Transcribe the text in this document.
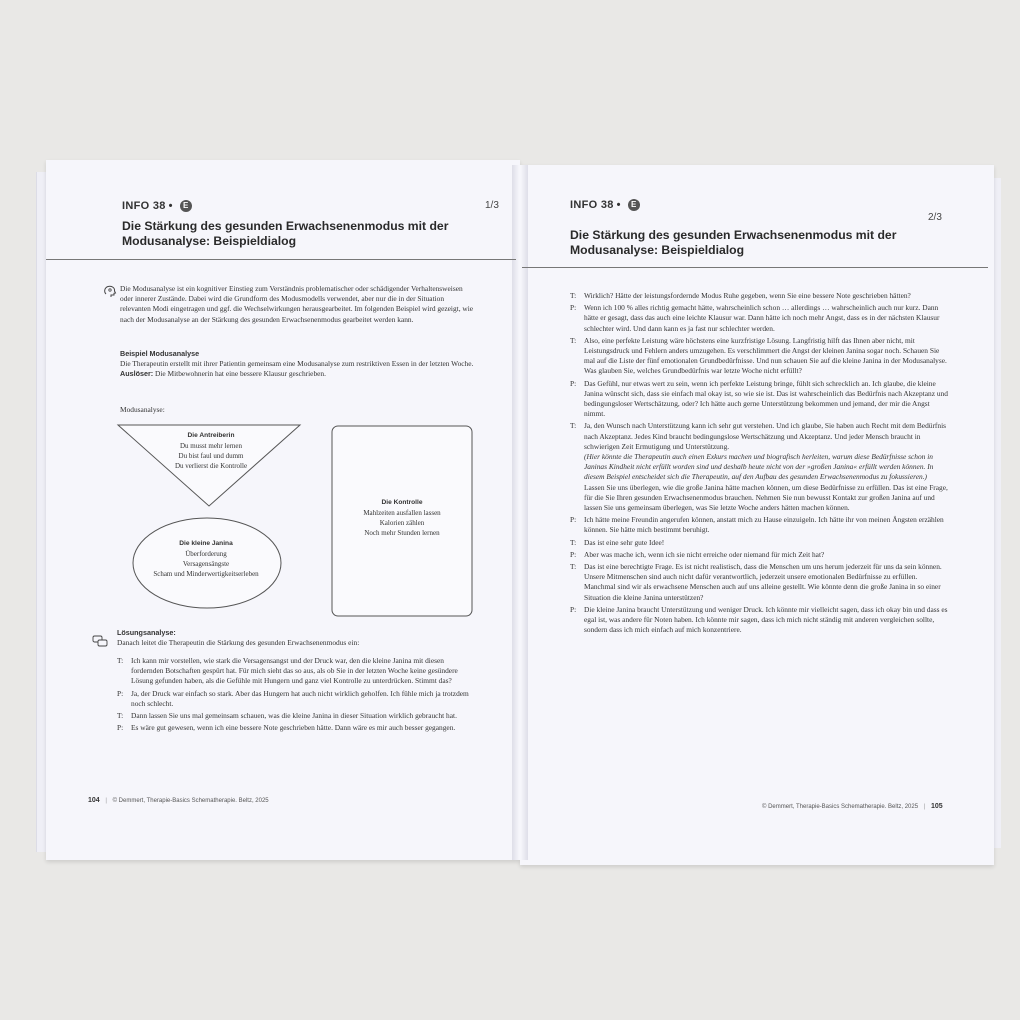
INFO 38 • E	1/3
Die Stärkung des gesunden Erwachsenenmodus mit der
Modusanalyse: Beispieldialog

Die Modusanalyse ist ein kognitiver Einstieg zum Verständnis problematischer oder schädigender Verhaltensweisen oder innerer Zustände. Dabei wird die Grundform des Modusmodells verwendet, aber nur die in der Situation relevanten Modi eingetragen und ggf. die Wechselwirkungen herausgearbeitet. Im folgenden Beispiel wird gezeigt, wie nach der Modusanalyse an der Stärkung des gesunden Erwachsenenmodus gearbeitet werden kann.

Beispiel Modusanalyse
Die Therapeutin erstellt mit ihrer Patientin gemeinsam eine Modusanalyse zum restriktiven Essen in der letzten Woche.
Auslöser: Die Mitbewohnerin hat eine bessere Klausur geschrieben.
Modusanalyse:
Die Antreiberin
Du musst mehr lernen
Du bist faul und dumm
Du verlierst die Kontrolle
Die kleine Janina
Überforderung
Versagensängste
Scham und Minderwertigkeitserleben
Die Kontrolle
Mahlzeiten ausfallen lassen
Kalorien zählen
Noch mehr Stunden lernen
Lösungsanalyse:
Danach leitet die Therapeutin die Stärkung des gesunden Erwachsenenmodus ein:
T:	Ich kann mir vorstellen, wie stark die Versagensangst und der Druck war, den die kleine Janina mit diesen fordernden Botschaften gespürt hat. Für mich sieht das so aus, als ob Sie in der letzten Woche keine gesündere Lösung gefunden haben, als die Gefühle mit Hungern und ganz viel Kontrolle zu unterdrücken. Stimmt das?
P:	Ja, der Druck war einfach so stark. Aber das Hungern hat auch nicht wirklich geholfen. Ich fühle mich ja trotzdem noch schlecht.
T:	Dann lassen Sie uns mal gemeinsam schauen, was die kleine Janina in dieser Situation wirklich gebraucht hat.
P:	Es wäre gut gewesen, wenn ich eine bessere Note geschrieben hätte. Dann wäre es mir auch besser gegangen.
104 | © Demmert, Therapie-Basics Schematherapie. Beltz, 2025
INFO 38 • E
2/3
Die Stärkung des gesunden Erwachsenenmodus mit der
Modusanalyse: Beispieldialog
T:	Wirklich? Hätte der leistungsfordernde Modus Ruhe gegeben, wenn Sie eine bessere Note geschrieben hätten?
P:	Wenn ich 100 % alles richtig gemacht hätte, wahrscheinlich schon … allerdings … wahrscheinlich auch nur kurz. Dann hätte er gesagt, dass das auch eine leichte Klausur war. Dann hätte ich noch mehr Angst, dass es in der nächsten Klausur schlechter wird. Und dann kann es ja fast nur schlechter werden.
T:	Also, eine perfekte Leistung wäre höchstens eine kurzfristige Lösung. Langfristig hilft das Ihnen aber nicht, mit Leistungsdruck und Fehlern anders umzugehen. Es verschlimmert die Angst der kleinen Janina sogar noch. Schauen Sie mal auf die Liste der fünf emotionalen Grundbedürfnisse. Und nun schauen Sie auf die kleine Janina in der Modusanalyse. Was glauben Sie, welches Grundbedürfnis war letzte Woche nicht erfüllt?
P:	Das Gefühl, nur etwas wert zu sein, wenn ich perfekte Leistung bringe, fühlt sich schrecklich an. Ich glaube, die kleine Janina wünscht sich, dass sie einfach mal okay ist, so wie sie ist. Das ist wahrscheinlich das Bedürfnis nach Akzeptanz und bedingungsloser Wertschätzung, oder? Ich hätte auch gerne Unterstützung bekommen und jemand, der mir die Angst nimmt.
T:	Ja, den Wunsch nach Unterstützung kann ich sehr gut verstehen. Und ich glaube, Sie haben auch Recht mit dem Bedürfnis nach Akzeptanz. Jedes Kind braucht bedingungslose Wertschätzung und Akzeptanz. Und jeder Mensch braucht in schwierigen Zeit Ermutigung und Unterstützung.
(Hier könnte die Therapeutin auch einen Exkurs machen und biografisch herleiten, warum diese Bedürfnisse schon in Janinas Kindheit nicht erfüllt worden sind und deshalb heute nicht von der »großen Janina« erfüllt werden können. In diesem Beispiel entscheidet sich die Therapeutin, auf den Aufbau des gesunden Erwachsenenmodus zu fokussieren.)
Lassen Sie uns überlegen, wie die große Janina hätte machen können, um diese Bedürfnisse zu erfüllen. Das ist eine Frage, für die Sie Ihren gesunden Erwachsenenmodus brauchen. Nehmen Sie nun bewusst Kontakt zur großen Janina auf und lassen Sie uns gemeinsam überlegen, was Sie letzte Woche anders hätten machen können.
P:	Ich hätte meine Freundin angerufen können, anstatt mich zu Hause einzuigeln. Ich hätte ihr von meinen Ängsten erzählen können. Sie hätte mich bestimmt beruhigt.
T:	Das ist eine sehr gute Idee!
P:	Aber was mache ich, wenn ich sie nicht erreiche oder niemand für mich Zeit hat?
T:	Das ist eine berechtigte Frage. Es ist nicht realistisch, dass die Menschen um uns herum jederzeit für uns da sein können. Unsere Mitmenschen sind auch nicht dafür verantwortlich, jederzeit unsere emotionalen Bedürfnisse zu erfüllen. Manchmal sind wir als erwachsene Menschen auch auf uns alleine gestellt. Wie könnte denn die große Janina in so einer Situation die kleine Janina unterstützen?
P:	Die kleine Janina braucht Unterstützung und weniger Druck. Ich könnte mir vielleicht sagen, dass ich okay bin und dass es egal ist, was andere für Noten haben. Ich könnte mir sagen, dass ich mich nicht ständig mit anderen vergleichen sollte, sondern dass ich mich einfach auf mich konzentriere.
© Demmert, Therapie-Basics Schematherapie. Beltz, 2025 | 105
